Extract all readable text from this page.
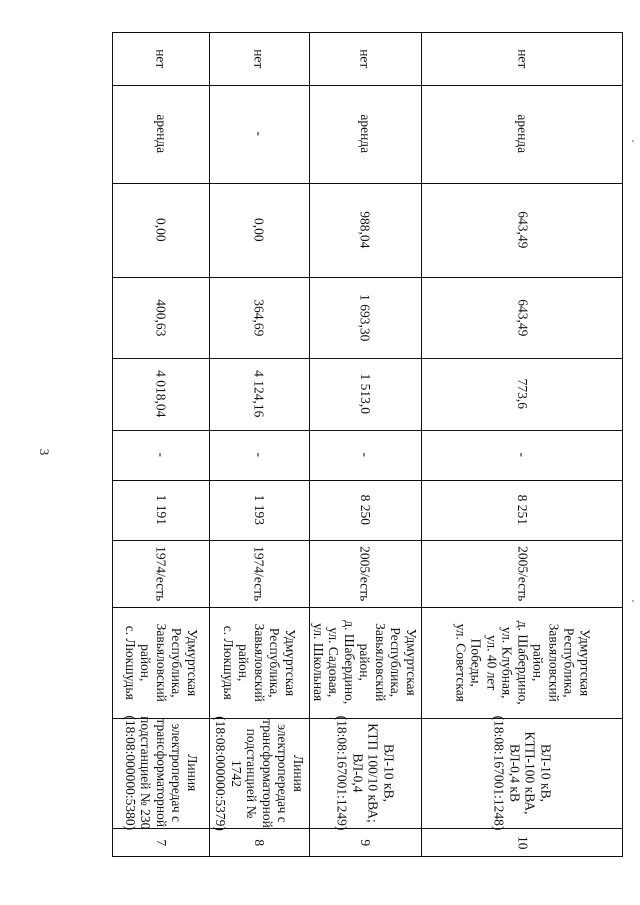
3
нет
аренда
0,00
400,63
4 018,04
-
1 191
1974/есть
Удмуртская
Республика,
Завьяловский
район,
с. Люкшудья
Линия
электропередач с
трансформаторной
подстанцией № 230
(18:08:000000:5380)
7
нет
-
0,00
364,69
4 124,16
-
1 193
1974/есть
Удмуртская
Республика,
Завьяловский
район,
с. Люкшудья
Линия
электропередач с
трансформаторной
подстанцией № 1742
(18:08:000000:5379)
8
нет
аренда
988,04
1 693,30
1 513,0
-
8 250
2005/есть
Удмуртская
Республика,
Завьяловский
район,
д. Шабердино,
ул. Садовая,
ул. Школьная
ВЛ-10 кВ,
КТП 100/10 кВА;
ВЛ-0,4
(18:08:167001:1249)
9
нет
аренда
643,49
643,49
773,6
-
8 251
2005/есть
Удмуртская
Республика,
Завьяловский
район,
д. Шабердино,
ул. Клубная,
ул. 40 лет
Победы,
ул. Советская
ВЛ-10 кВ,
КТП-100 кВА,
ВЛ-0,4 кВ
(18:08:167001:1248)
10
